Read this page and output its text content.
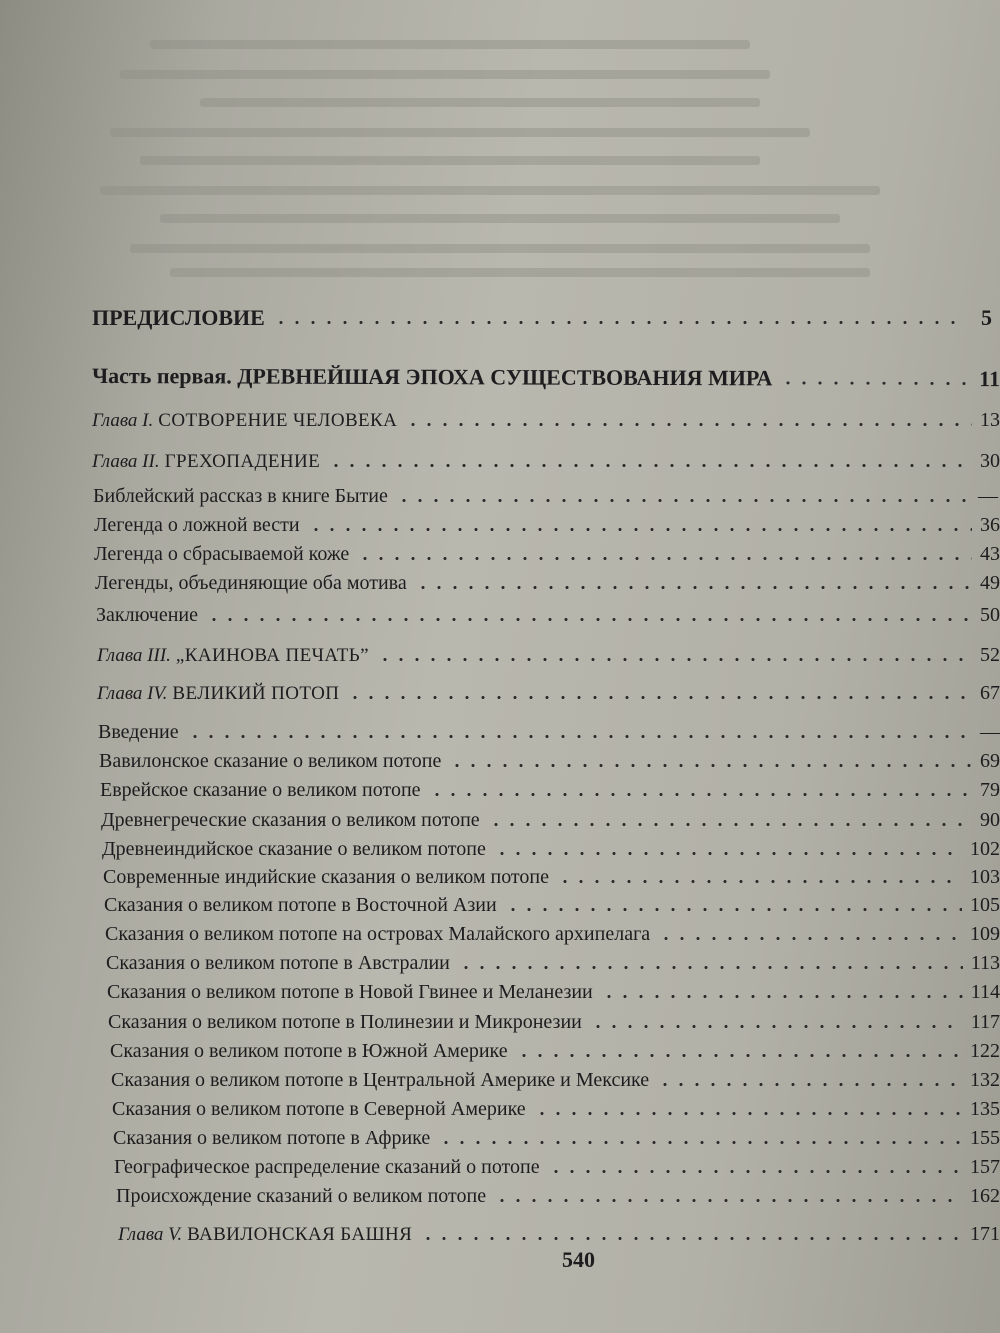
ПРЕДИСЛОВИЕ	5
Часть первая. ДРЕВНЕЙШАЯ ЭПОХА СУЩЕСТВОВАНИЯ МИРА	11
Глава I. СОТВОРЕНИЕ ЧЕЛОВЕКА	13
Глава II. ГРЕХОПАДЕНИЕ	30
Библейский рассказ в книге Бытие	—
Легенда о ложной вести	36
Легенда о сбрасываемой коже	43
Легенды, объединяющие оба мотива	49
Заключение	50
Глава III. „КАИНОВА ПЕЧАТЬ”	52
Глава IV. ВЕЛИКИЙ ПОТОП	67
Введение	—
Вавилонское сказание о великом потопе	69
Еврейское сказание о великом потопе	79
Древнегреческие сказания о великом потопе	90
Древнеиндийское сказание о великом потопе	102
Современные индийские сказания о великом потопе	103
Сказания о великом потопе в Восточной Азии	105
Сказания о великом потопе на островах Малайского архипелага	109
Сказания о великом потопе в Австралии	113
Сказания о великом потопе в Новой Гвинее и Меланезии	114
Сказания о великом потопе в Полинезии и Микронезии	117
Сказания о великом потопе в Южной Америке	122
Сказания о великом потопе в Центральной Америке и Мексике	132
Сказания о великом потопе в Северной Америке	135
Сказания о великом потопе в Африке	155
Географическое распределение сказаний о потопе	157
Происхождение сказаний о великом потопе	162
Глава V. ВАВИЛОНСКАЯ БАШНЯ	171
540
